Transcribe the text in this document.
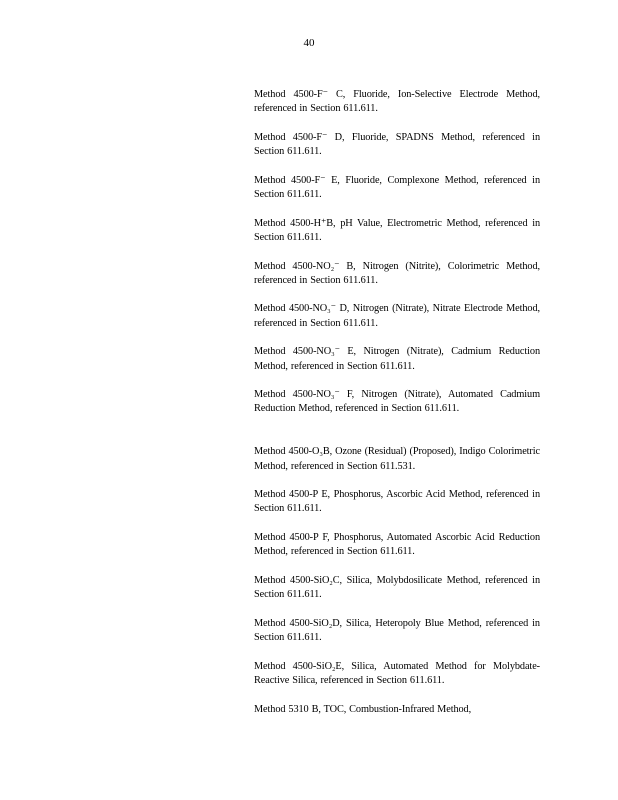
40

Method 4500-F⁻ C, Fluoride, Ion-Selective Electrode Method, referenced in Section 611.611.

Method 4500-F⁻ D, Fluoride, SPADNS Method, referenced in Section 611.611.

Method 4500-F⁻ E, Fluoride, Complexone Method, referenced in Section 611.611.

Method 4500-H⁺B, pH Value, Electrometric Method, referenced in Section 611.611.

Method 4500-NO₂⁻ B, Nitrogen (Nitrite), Colorimetric Method, referenced in Section 611.611.

Method 4500-NO₃⁻ D, Nitrogen (Nitrate), Nitrate Electrode Method, referenced in Section 611.611.

Method 4500-NO₃⁻ E, Nitrogen (Nitrate), Cadmium Reduction Method, referenced in Section 611.611.

Method 4500-NO₃⁻ F, Nitrogen (Nitrate), Automated Cadmium Reduction Method, referenced in Section 611.611.

Method 4500-O₃B, Ozone (Residual) (Proposed), Indigo Colorimetric Method, referenced in Section 611.531.

Method 4500-P E, Phosphorus, Ascorbic Acid Method, referenced in Section 611.611.

Method 4500-P F, Phosphorus, Automated Ascorbic Acid Reduction Method, referenced in Section 611.611.

Method 4500-SiO₂C, Silica, Molybdosilicate Method, referenced in Section 611.611.

Method 4500-SiO₂D, Silica, Heteropoly Blue Method, referenced in Section 611.611.

Method 4500-SiO₂E, Silica, Automated Method for Molybdate-Reactive Silica, referenced in Section 611.611.

Method 5310 B, TOC, Combustion-Infrared Method,
